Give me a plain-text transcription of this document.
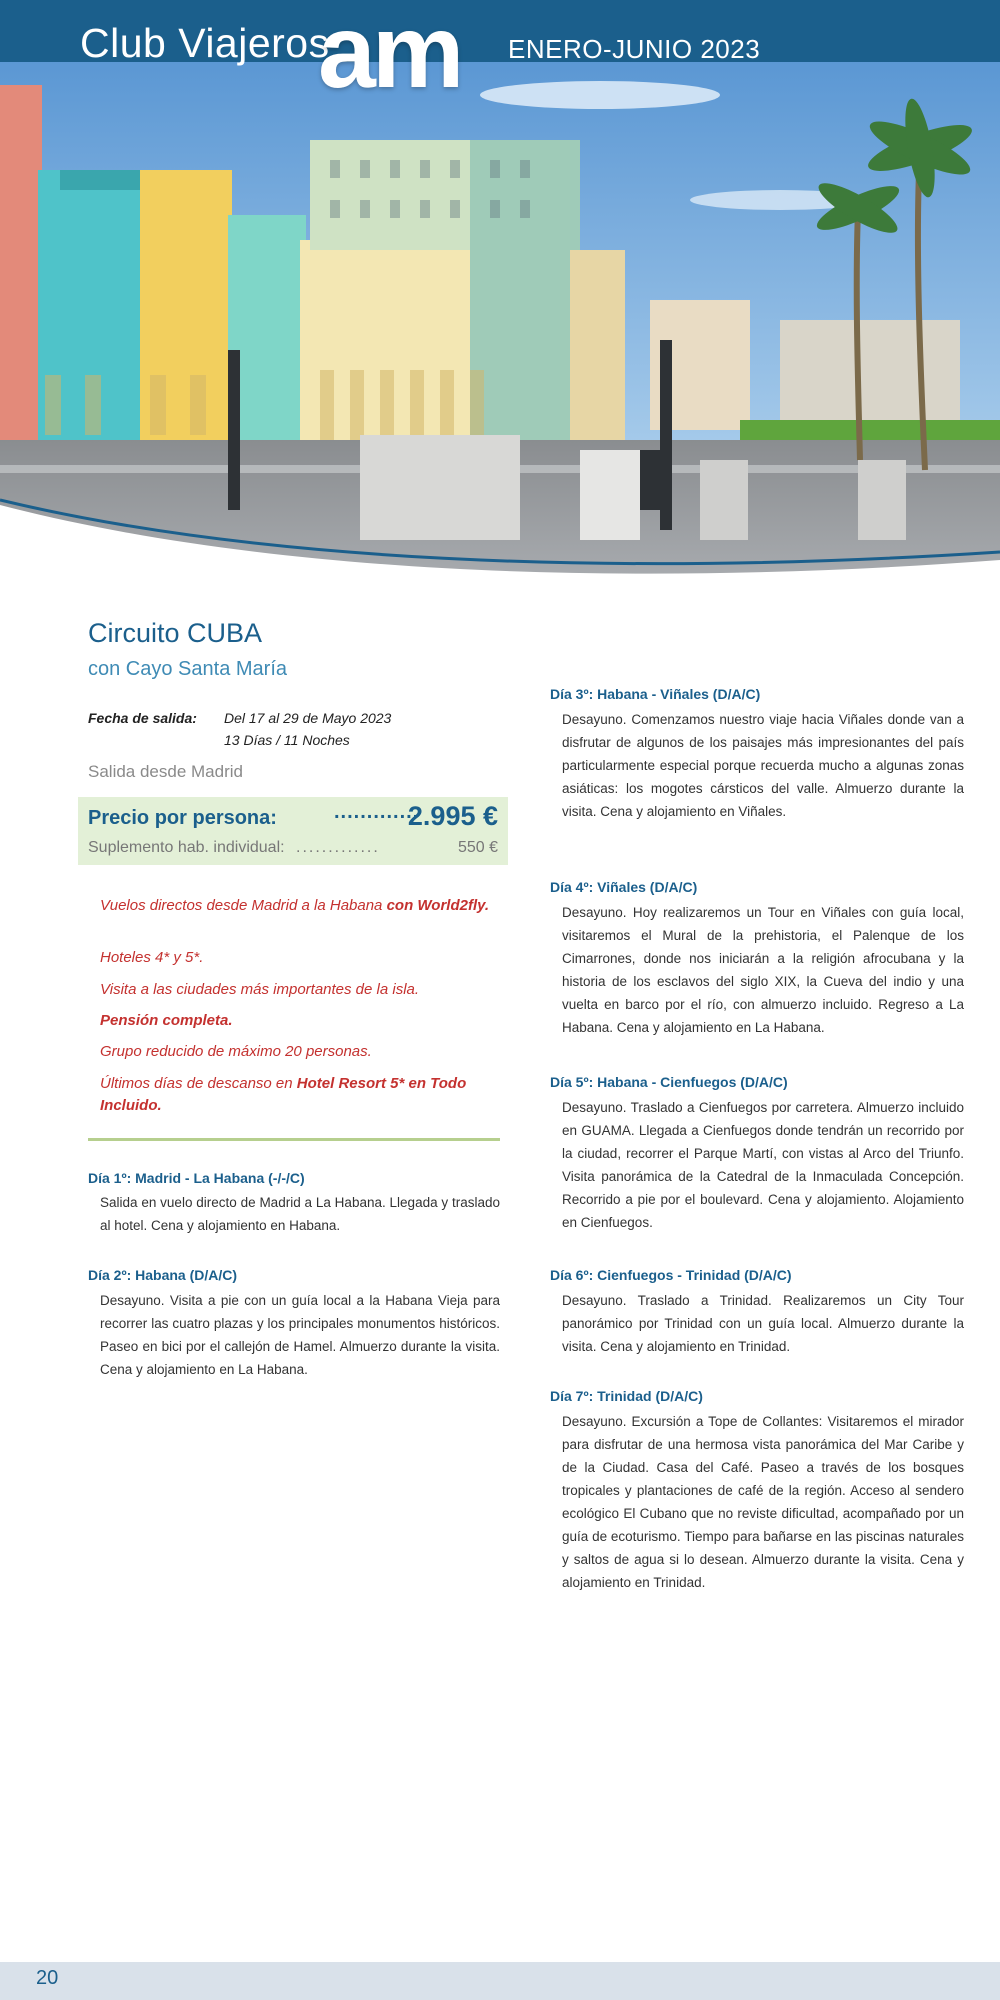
Club Viajeros
am ENERO-JUNIO 2023
Circuito CUBA
con Cayo Santa María
Fecha de salida: Del 17 al 29 de Mayo 2023
13 Días / 11 Noches
Salida desde Madrid
Precio por persona:	.............
2.995 €
Suplemento hab. individual: .............	550 €
Vuelos directos desde Madrid a la Habana con World2fly.
Hoteles 4* y 5*.
Visita a las ciudades más importantes de la isla.
Pensión completa.
Grupo reducido de máximo 20 personas.
Últimos días de descanso en Hotel Resort 5* en Todo Incluido.
Día 1º: Madrid - La Habana (-/-/C)
Salida en vuelo directo de Madrid a La Habana. Llegada y traslado al hotel. Cena y alojamiento en Habana.
Día 2º: Habana (D/A/C)
Desayuno. Visita a pie con un guía local a la Habana Vieja para recorrer las cuatro plazas y los principales monumentos históricos. Paseo en bici por el callejón de Hamel. Almuerzo durante la visita. Cena y alojamiento en La Habana.
Día 3º: Habana - Viñales (D/A/C)
Desayuno. Comenzamos nuestro viaje hacia Viñales donde van a disfrutar de algunos de los paisajes más impresionantes del país particularmente especial porque recuerda mucho a algunas zonas asiáticas: los mogotes cársticos del valle. Almuerzo durante la visita. Cena y alojamiento en Viñales.
Día 4º: Viñales (D/A/C)
Desayuno. Hoy realizaremos un Tour en Viñales con guía local, visitaremos el Mural de la prehistoria, el Palenque de los Cimarrones, donde nos iniciarán a la religión afrocubana y la historia de los esclavos del siglo XIX, la Cueva del indio y una vuelta en barco por el río, con almuerzo incluido. Regreso a La Habana. Cena y alojamiento en La Habana.
Día 5º: Habana - Cienfuegos (D/A/C)
Desayuno. Traslado a Cienfuegos por carretera. Almuerzo incluido en GUAMA. Llegada a Cienfuegos donde tendrán un recorrido por la ciudad, recorrer el Parque Martí, con vistas al Arco del Triunfo. Visita panorámica de la Catedral de la Inmaculada Concepción. Recorrido a pie por el boulevard. Cena y alojamiento. Alojamiento en Cienfuegos.
Día 6º: Cienfuegos - Trinidad (D/A/C)
Desayuno. Traslado a Trinidad. Realizaremos un City Tour panorámico por Trinidad con un guía local. Almuerzo durante la visita. Cena y alojamiento en Trinidad.
Día 7º: Trinidad (D/A/C)
Desayuno. Excursión a Tope de Collantes: Visitaremos el mirador para disfrutar de una hermosa vista panorámica del Mar Caribe y de la Ciudad. Casa del Café. Paseo a través de los bosques tropicales y plantaciones de café de la región. Acceso al sendero ecológico El Cubano que no reviste dificultad, acompañado por un guía de ecoturismo. Tiempo para bañarse en las piscinas naturales y saltos de agua si lo desean. Almuerzo durante la visita. Cena y alojamiento en Trinidad.
20
